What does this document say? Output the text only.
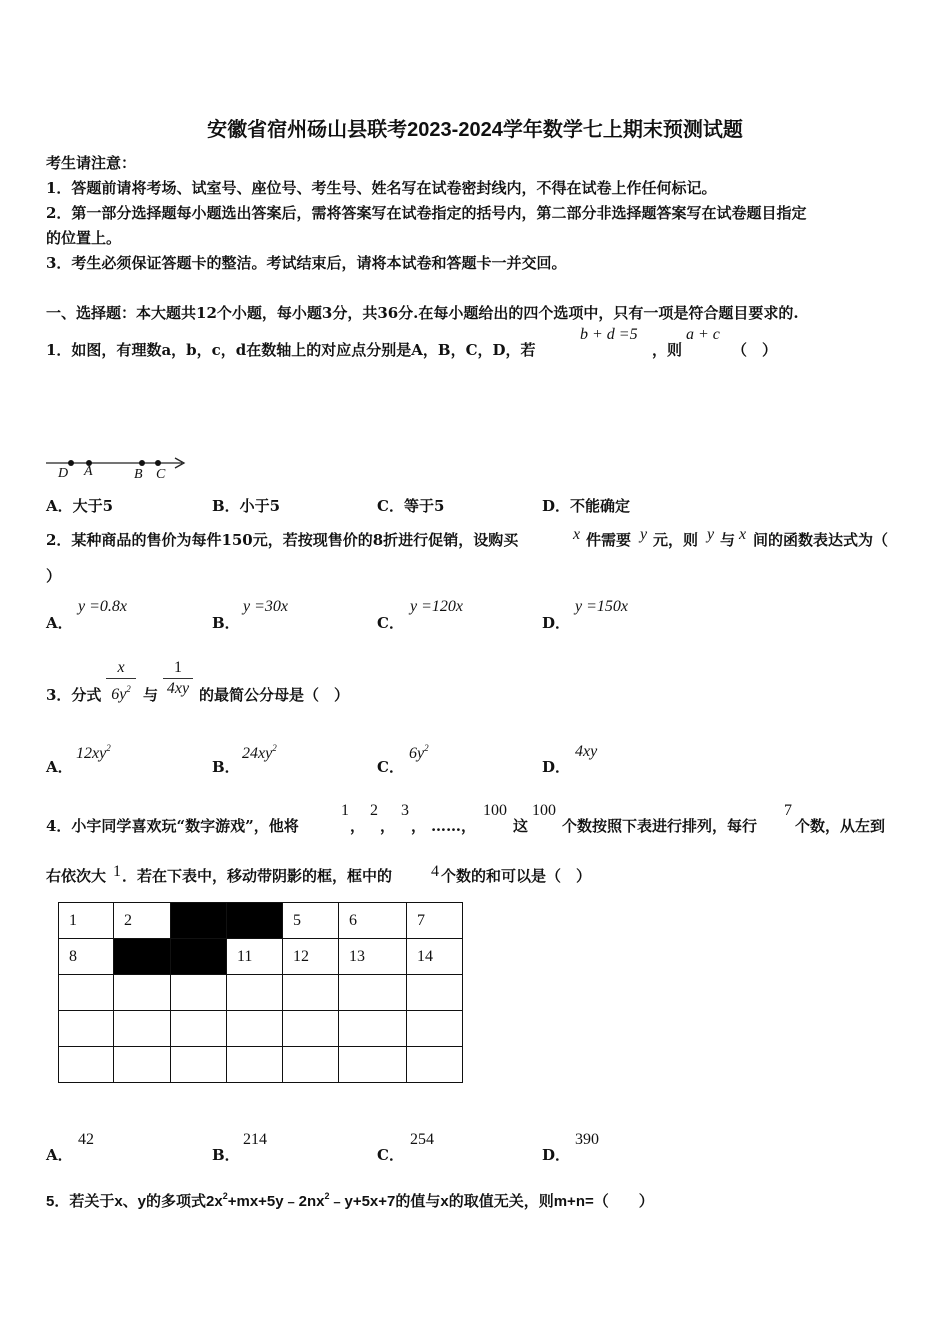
安徽省宿州砀山县联考2023-2024学年数学七上期末预测试题
考生请注意：
1．答题前请将考场、试室号、座位号、考生号、姓名写在试卷密封线内，不得在试卷上作任何标记。
2．第一部分选择题每小题选出答案后，需将答案写在试卷指定的括号内，第二部分非选择题答案写在试卷题目指定
的位置上。
3．考生必须保证答题卡的整洁。考试结束后，请将本试卷和答题卡一并交回。
一、选择题：本大题共12个小题，每小题3分，共36分.在每小题给出的四个选项中，只有一项是符合题目要求的.
1．如图，有理数a，b，c，d在数轴上的对应点分别是A，B，C，D，若
b + d =5
，则
a + c
（　）
D A	B C
A．大于5	B．小于5	C．等于5	D．不能确定
2．某种商品的售价为每件150元，若按现售价的8折进行促销，设购买	x 件需要 y 元，则 y 与 x 间的函数表达式为（
）
A．
y =0.8x
B．
y =30x
C．
y =120x
D．
y =150x
3．分式
x
$6y^2$ 与
1
4xy 的最简公分母是（　）
A．
$12xy^2$
B．
$24xy^2$
C．
$6y^2$
D．
4xy
4．小宇同学喜欢玩“数字游戏”，他将
1
，
2
，
3
， ……，
100
这
100
个数按照下表进行排列，每行
7
个数，从左到
右依次大 1 ．若在下表中，移动带阴影的框，框中的 4 个数的和可以是（　）
1	2			5	6	7
8			11	12	13	14

A．
42
B．
214
C．
254
D．
390
5．若关于x、y的多项式$2x^2+mx+5y﹣2nx^2﹣y+5x+7$的值与x的取值无关，则m+n=（　　）
